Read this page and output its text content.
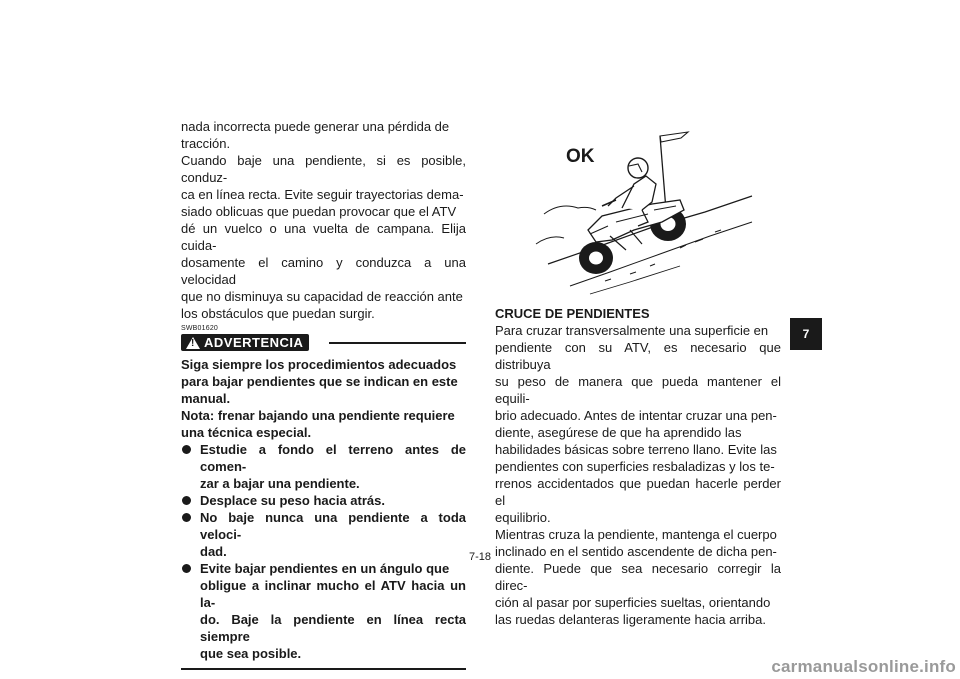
nada incorrecta puede generar una pérdida de
tracción.
Cuando baje una pendiente, si es posible, conduz-
ca en línea recta. Evite seguir trayectorias dema-
siado oblicuas que puedan provocar que el ATV
dé un vuelco o una vuelta de campana. Elija cuida-
dosamente el camino y conduzca a una velocidad
que no disminuya su capacidad de reacción ante
los obstáculos que puedan surgir.
SWB01620
!
ADVERTENCIA
Siga siempre los procedimientos adecuados
para bajar pendientes que se indican en este
manual.
Nota: frenar bajando una pendiente requiere
una técnica especial.
Estudie a fondo el terreno antes de comen-
zar a bajar una pendiente.
Desplace su peso hacia atrás.
No baje nunca una pendiente a toda veloci-
dad.
Evite bajar pendientes en un ángulo que
obligue a inclinar mucho el ATV hacia un la-
do. Baje la pendiente en línea recta siempre
que sea posible.
OK
CRUCE DE PENDIENTES
Para cruzar transversalmente una superficie en
pendiente con su ATV, es necesario que distribuya
su peso de manera que pueda mantener el equili-
brio adecuado. Antes de intentar cruzar una pen-
diente, asegúrese de que ha aprendido las
habilidades básicas sobre terreno llano. Evite las
pendientes con superficies resbaladizas y los te-
rrenos accidentados que puedan hacerle perder el
equilibrio.
Mientras cruza la pendiente, mantenga el cuerpo
inclinado en el sentido ascendente de dicha pen-
diente. Puede que sea necesario corregir la direc-
ción al pasar por superficies sueltas, orientando
las ruedas delanteras ligeramente hacia arriba.
7
7-18
carmanualsonline.info
